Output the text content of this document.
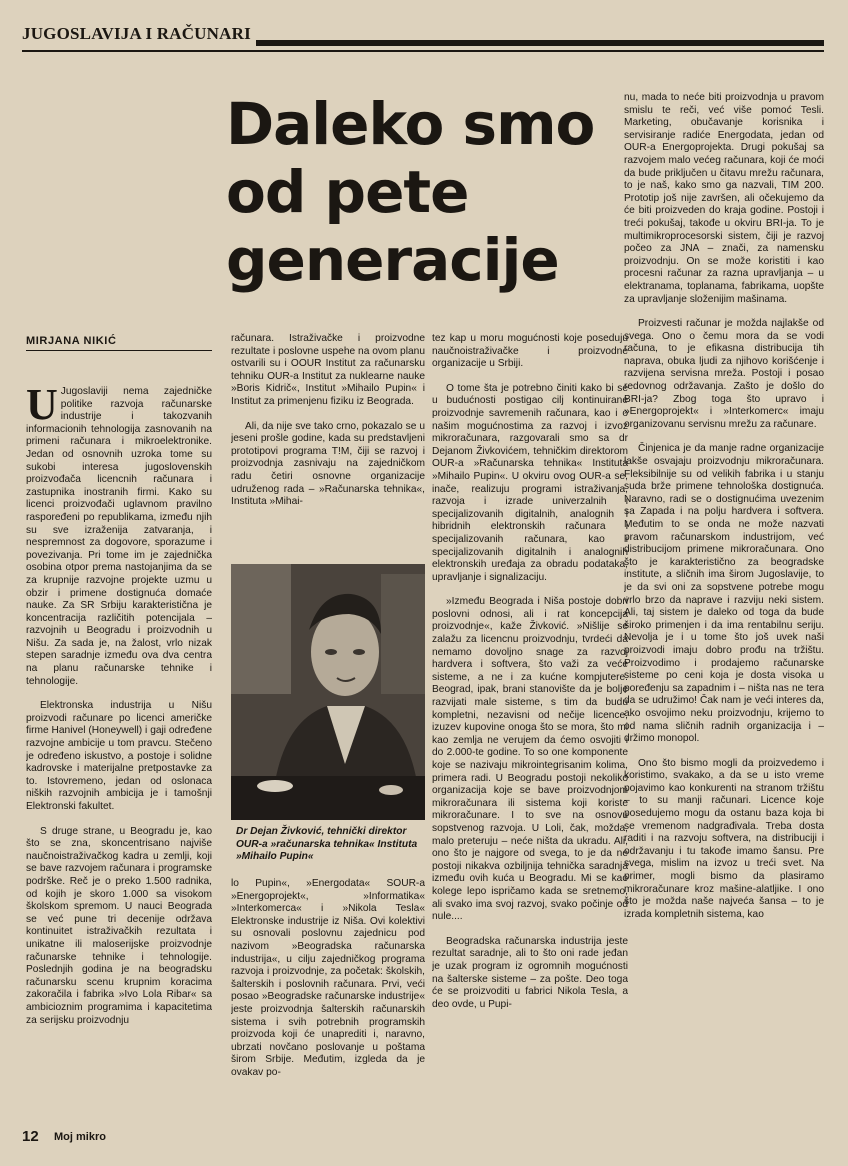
JUGOSLAVIJA I RAČUNARI
Daleko smo
od pete
generacije
MIRJANA NIKIĆ

U Jugoslaviji nema zajedničke politike razvoja računarske industrije i takozvanih informacionih tehnologija zasnovanih na primeni računara i mikroelektronike. Jedan od osnovnih uzroka tome su sukobi interesa jugoslovenskih proizvođača licencnih računara i zastupnika inostranih firmi. Kako su licenci proizvođači uglavnom pravilno raspoređeni po republikama, između njih su sve izraženija zatvaranja, i nespremnost za dogovore, sporazume i povezivanja. Pri tome im je zajednička osobina otpor prema nastojanjima da se za krupnije razvojne projekte uzmu u obzir i primene dostignuća domaće nauke. Za SR Srbiju karakteristična je koncentracija različitih potencijala – razvojnih u Beogradu i proizvodnih u Nišu. Za sada je, na žalost, vrlo nizak stepen saradnje između ova dva centra na planu računarske tehnike i tehnologije.

Elektronska industrija u Nišu proizvodi računare po licenci američke firme Hanivel (Honeywell) i gaji određene razvojne ambicije u tom pravcu. Stečeno je određeno iskustvo, a postoje i solidne kadrovske i materijalne pretpostavke za to. Istovremeno, jedan od oslonaca niških razvojnih ambicija je i tamošnji Elektronski fakultet.

S druge strane, u Beogradu je, kao što se zna, skoncentrisano najviše naučnoistraživačkog kadra u zemlji, koji se bave razvojem računara i programske podrške. Reč je o preko 1.500 radnika, od kojih je skoro 1.000 sa visokom školskom spremom. U nauci Beograda se već pune tri decenije održava kontinuitet istraživačkih rezultata i unikatne ili maloserijske proizvodnje računarske tehnike i tehnologije. Poslednjih godina je na beogradsku računarsku scenu krupnim koracima zakoračila i fabrika »Ivo Lola Ribar« sa ambicioznim programima i kapacitetima za serijsku proizvodnju

računara. Istraživačke i proizvodne rezultate i poslovne uspehe na ovom planu ostvarili su i OOUR Institut za računarsku tehniku OUR-a Institut za nuklearne nauke »Boris Kidrič«, Institut »Mihailo Pupin« i Institut za primenjenu fiziku iz Beograda.

Ali, da nije sve tako crno, pokazalo se u jeseni prošle godine, kada su predstavljeni prototipovi programa T!M, čiji se razvoj i proizvodnja zasnivaju na zajedničkom radu četiri osnovne organizacije udruženog rada – »Računarska tehnika«, Instituta »Mihai-

Dr Dejan Živković, tehnički direktor OUR-a »računarska tehnika« Instituta »Mihailo Pupin«

lo Pupin«, »Energodata« SOUR-a »Energoprojekt«, »Informatika« »Interkomerca« i »Nikola Tesla« Elektronske industrije iz Niša. Ovi kolektivi su osnovali poslovnu zajednicu pod nazivom »Beogradska računarska industrija«, u cilju zajedničkog programa razvoja i proizvodnje, za početak: školskih, šalterskih i poslovnih računara. Prvi, veći posao »Beogradske računarske industrije« jeste proizvodnja šalterskih računarskih sistema i svih potrebnih programskih proizvoda koji će unaprediti i, naravno, ubrzati novčano poslovanje u poštama širom Srbije. Međutim, izgleda da je ovakav po-

tez kap u moru mogućnosti koje poseduju naučnoistraživačke i proizvodne organizacije u Srbiji.

O tome šta je potrebno činiti kako bi se u budućnosti postigao cilj kontinuirane proizvodnje savremenih računara, kao i o našim mogućnostima za razvoj i izvoz mikroračunara, razgovarali smo sa dr Dejanom Živkovićem, tehničkim direktorom OUR-a »Računarska tehnika« Instituta »Mihailo Pupin«. U okviru ovog OUR-a se, inače, realizuju programi istraživanja, razvoja i izrade univerzalnih i specijalizovanih digitalnih, analognih i hibridnih elektronskih računara i specijalizovanih računara, kao i specijalizovanih digitalnih i analognih elektronskih uređaja za obradu podataka, upravljanje i signalizaciju.

»Između Beograda i Niša postoje dobri poslovni odnosi, ali i rat koncepcija proizvodnje«, kaže Živković. »Nišlije se zalažu za licencnu proizvodnju, tvrdeći da nemamo dovoljno snage za razvoj hardvera i softvera, što važi za veće sisteme, a ne i za kućne kompjutere. Beograd, ipak, brani stanovište da je bolje razvijati male sisteme, s tim da budu kompletni, nezavisni od nečije licence, izuzev kupovine onoga što se mora, što mi kao zemlja ne verujem da ćemo osvojiti i do 2.000-te godine. To so one komponente koje se nazivaju mikrointegrisanim kolima, primera radi. U Beogradu postoji nekoliko organizacija koje se bave proizvodnjom mikroračunara ili sistema koji koriste mikroračunare. I to sve na osnovu sopstvenog razvoja. U Loli, čak, možda, malo preteruju – neće ništa da ukradu. Ali, ono što je najgore od svega, to je da ne postoji nikakva ozbiljnija tehnička saradnja između ovih kuća u Beogradu. Mi se kao kolege lepo ispričamo kada se sretnemo, ali svako ima svoj razvoj, svako počinje od nule....

Beogradska računarska industrija jeste rezultat saradnje, ali to što oni rade jeđan je uzak program iz ogromnih mogućnosti na šalterske sisteme – za pošte. Deo toga će se proizvoditi u fabrici Nikola Tesla, a deo ovde, u Pupi-

nu, mada to neće biti proizvodnja u pravom smislu te reči, već više pomoć Tesli. Marketing, obučavanje korisnika i servisiranje radiće Energodata, jedan od OUR-a Energoprojekta. Drugi pokušaj sa razvojem malo većeg računara, koji će moći da bude priključen u čitavu mrežu računara, to je naš, kako smo ga nazvali, TIM 200. Prototip još nije završen, ali očekujemo da će biti proizveden do kraja godine. Postoji i treći pokušaj, takođe u okviru BRI-ja. To je multimikroprocesorski sistem, čiji je razvoj počeo za JNA – znači, za namensku proizvodnju. On se može koristiti i kao procesni računar za razna upravljanja – u elektranama, toplanama, fabrikama, uopšte za upravljanje složenijim mašinama.

Proizvesti računar je možda najlakše od svega. Ono o čemu mora da se vodi računa, to je efikasna distribucija tih naprava, obuka ljudi za njihovo korišćenje i razvijena servisna mreža. Postoji i posao redovnog održavanja. Zašto je došlo do BRI-ja? Zbog toga što upravo i »Energoprojekt« i »Interkomerc« imaju organizovanu servisnu mrežu za računare.

Činjenica je da manje radne organizacije lakše osvajaju proizvodnju mikroračunara. Fleksibilnije su od velikih fabrika i u stanju suda brže primene tehnološka dostignuća. Naravno, radi se o dostignućima uvezenim sa Zapada i na polju hardvera i softvera. Međutim to se onda ne može nazvati pravom računarskom industrijom, već distribucijom primene mikroračunara. Ono što je karakteristično za beogradske institute, a sličnih ima širom Jugoslavije, to je da svi oni za sopstvene potrebe mogu vrlo brzo da naprave i razviju neki sistem. Ali, taj sistem je daleko od toga da bude široko primenjen i da ima rentabilnu seriju. Nevolja je i u tome što još uvek naši proizvodi imaju dobro prođu na tržištu. Proizvodimo i prodajemo računarske sisteme po ceni koja je dosta visoka u poređenju sa zapadnim i – ništa nas ne tera da se udružimo! Čak nam je veći interes da, ako osvojimo neku proizvodnju, krijemo to od nama sličnih radnih organizacija i – držimo monopol.

Ono što bismo mogli da proizvedemo i koristimo, svakako, a da se u isto vreme pojavimo kao konkurenti na stranom tržištu – to su manji računari. Licence koje posedujemo mogu da ostanu baza koja bi se vremenom nadgrađivala. Treba dosta raditi i na razvoju softvera, na distribuciji i održavanju i tu takođe imamo šansu. Pre svega, mislim na izvoz u treći svet. Na primer, mogli bismo da plasiramo mikroračunare kroz mašine-alatljike. I ono što je možda naše najveća šansa – to je izrada kompletnih sistema, kao

12 Moj mikro
